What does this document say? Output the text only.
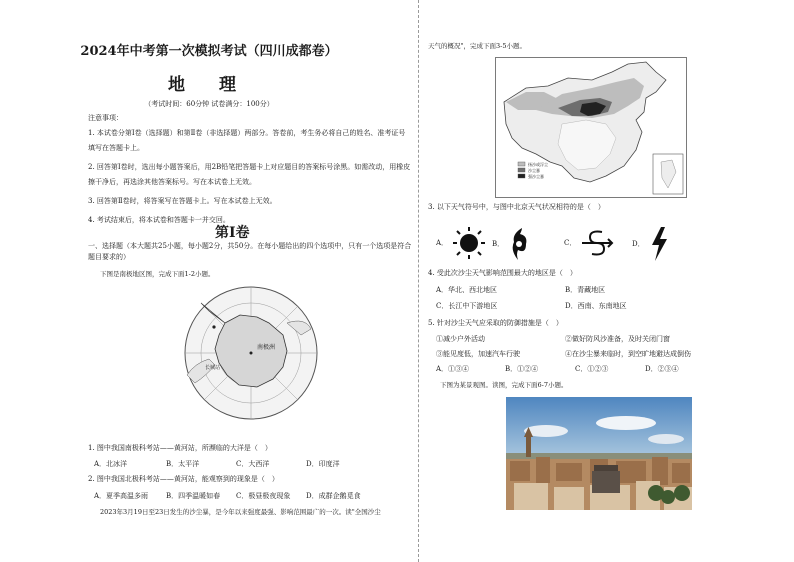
2024年中考第一次模拟考试（四川成都卷）
地 理
（考试时间：60分钟 试卷满分：100分）
注意事项：
1. 本试卷分第Ⅰ卷（选择题）和第Ⅱ卷（非选择题）两部分。答卷前，考生务必将自己的姓名、准考证号
填写在答题卡上。
2. 回答第Ⅰ卷时，选出每小题答案后，用2B铅笔把答题卡上对应题目的答案标号涂黑。如需改动，用橡皮
擦干净后，再选涂其他答案标号。写在本试卷上无效。
3. 回答第Ⅱ卷时，将答案写在答题卡上。写在本试卷上无效。
4. 考试结束后，将本试卷和答题卡一并交回。
第Ⅰ卷
一、选择题（本大题共25小题，每小题2分，共50分。在每小题给出的四个选项中，只有一个选项是符合
题目要求的）
下图是南极地区图，完成下面1-2小题。
南极洲
长城站
1. 图中我国南极科考站——黄河站，所濒临的大洋是（　）
A．北冰洋	B．太平洋	C．大西洋	D．印度洋
2. 图中我国北极科考站——黄河站，能观察到的现象是（　）
A．夏季高温多雨	B．四季温暖如春 C．极昼极夜现象 D．成群企鹅觅食
2023年3月19日至23日发生的沙尘暴，是今年以来强度最强、影响范围最广的一次。读"全国沙尘
天气的概况"，完成下面3-5小题。
扬沙或浮尘
沙尘暴
强沙尘暴
3. 以下天气符号中，与图中北京天气状况相符的是（　）
A．	B．	C．	D．
4. 受此次沙尘天气影响范围最大的地区是（　）
A．华北、西北地区	B．青藏地区
C．长江中下游地区	D．西南、东南地区
5. 针对沙尘天气应采取的防御措施是（　）
①减少户外活动	②做好防风沙准备，及时关闭门窗
③能见度低，加速汽车行驶	④在沙尘暴来临时，到空旷地避达成倒伤
A．①③④	B．①②④	C．①②③	D．②③④
下图为某景观图。读图，完成下面6-7小题。
